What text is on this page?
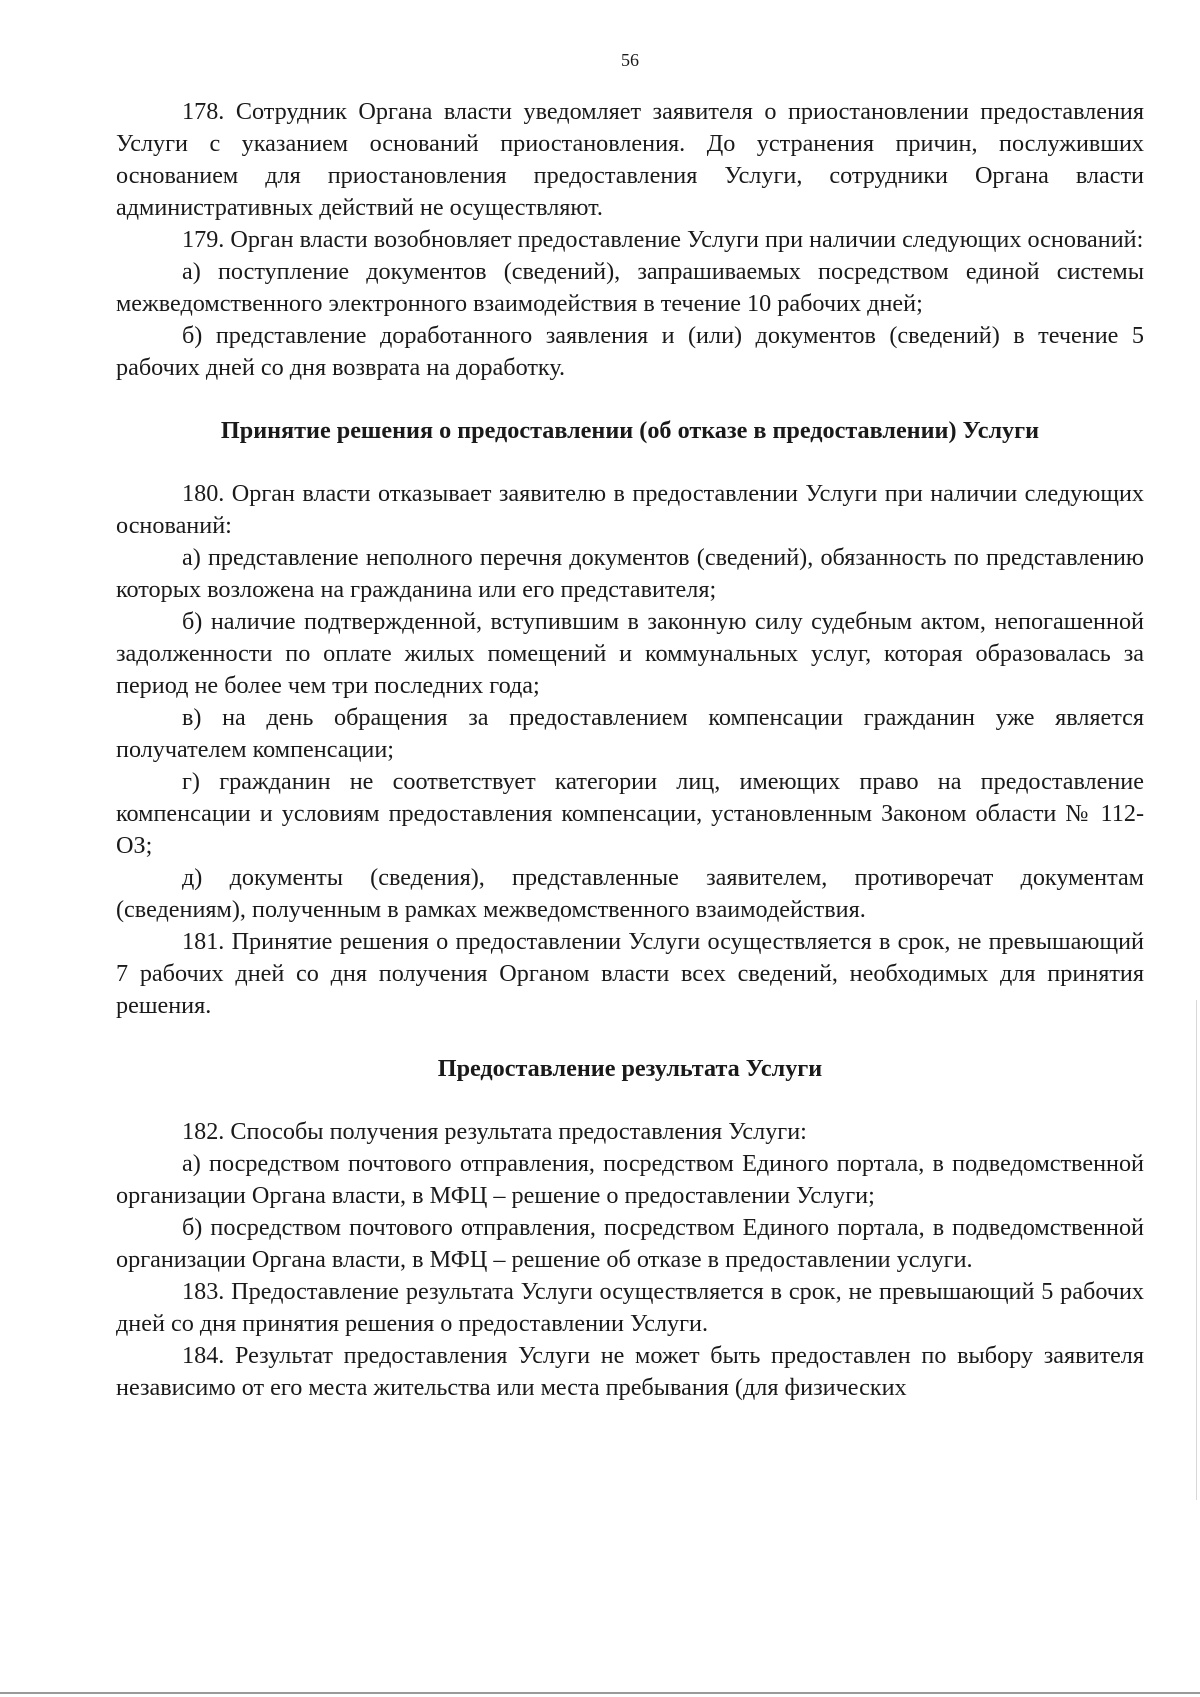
56

178. Сотрудник Органа власти уведомляет заявителя о приостановлении предоставления Услуги с указанием оснований приостановления. До устранения причин, послуживших основанием для приостановления предоставления Услуги, сотрудники Органа власти административных действий не осуществляют.

179. Орган власти возобновляет предоставление Услуги при наличии следующих оснований:

а) поступление документов (сведений), запрашиваемых посредством единой системы межведомственного электронного взаимодействия в течение 10 рабочих дней;

б) представление доработанного заявления и (или) документов (сведений) в течение 5 рабочих дней со дня возврата на доработку.

Принятие решения о предоставлении (об отказе в предоставлении) Услуги

180. Орган власти отказывает заявителю в предоставлении Услуги при наличии следующих оснований:

а) представление неполного перечня документов (сведений), обязанность по представлению которых возложена на гражданина или его представителя;

б) наличие подтвержденной, вступившим в законную силу судебным актом, непогашенной задолженности по оплате жилых помещений и коммунальных услуг, которая образовалась за период не более чем три последних года;

в) на день обращения за предоставлением компенсации гражданин уже является получателем компенсации;

г) гражданин не соответствует категории лиц, имеющих право на предоставление компенсации и условиям предоставления компенсации, установленным Законом области № 112-ОЗ;

д) документы (сведения), представленные заявителем, противоречат документам (сведениям), полученным в рамках межведомственного взаимодействия.

181. Принятие решения о предоставлении Услуги осуществляется в срок, не превышающий 7 рабочих дней со дня получения Органом власти всех сведений, необходимых для принятия решения.

Предоставление результата Услуги

182. Способы получения результата предоставления Услуги:

а) посредством почтового отправления, посредством Единого портала, в подведомственной организации Органа власти, в МФЦ – решение о предоставлении Услуги;

б) посредством почтового отправления, посредством Единого портала, в подведомственной организации Органа власти, в МФЦ – решение об отказе в предоставлении услуги.

183. Предоставление результата Услуги осуществляется в срок, не превышающий 5 рабочих дней со дня принятия решения о предоставлении Услуги.

184. Результат предоставления Услуги не может быть предоставлен по выбору заявителя независимо от его места жительства или места пребывания (для физических
